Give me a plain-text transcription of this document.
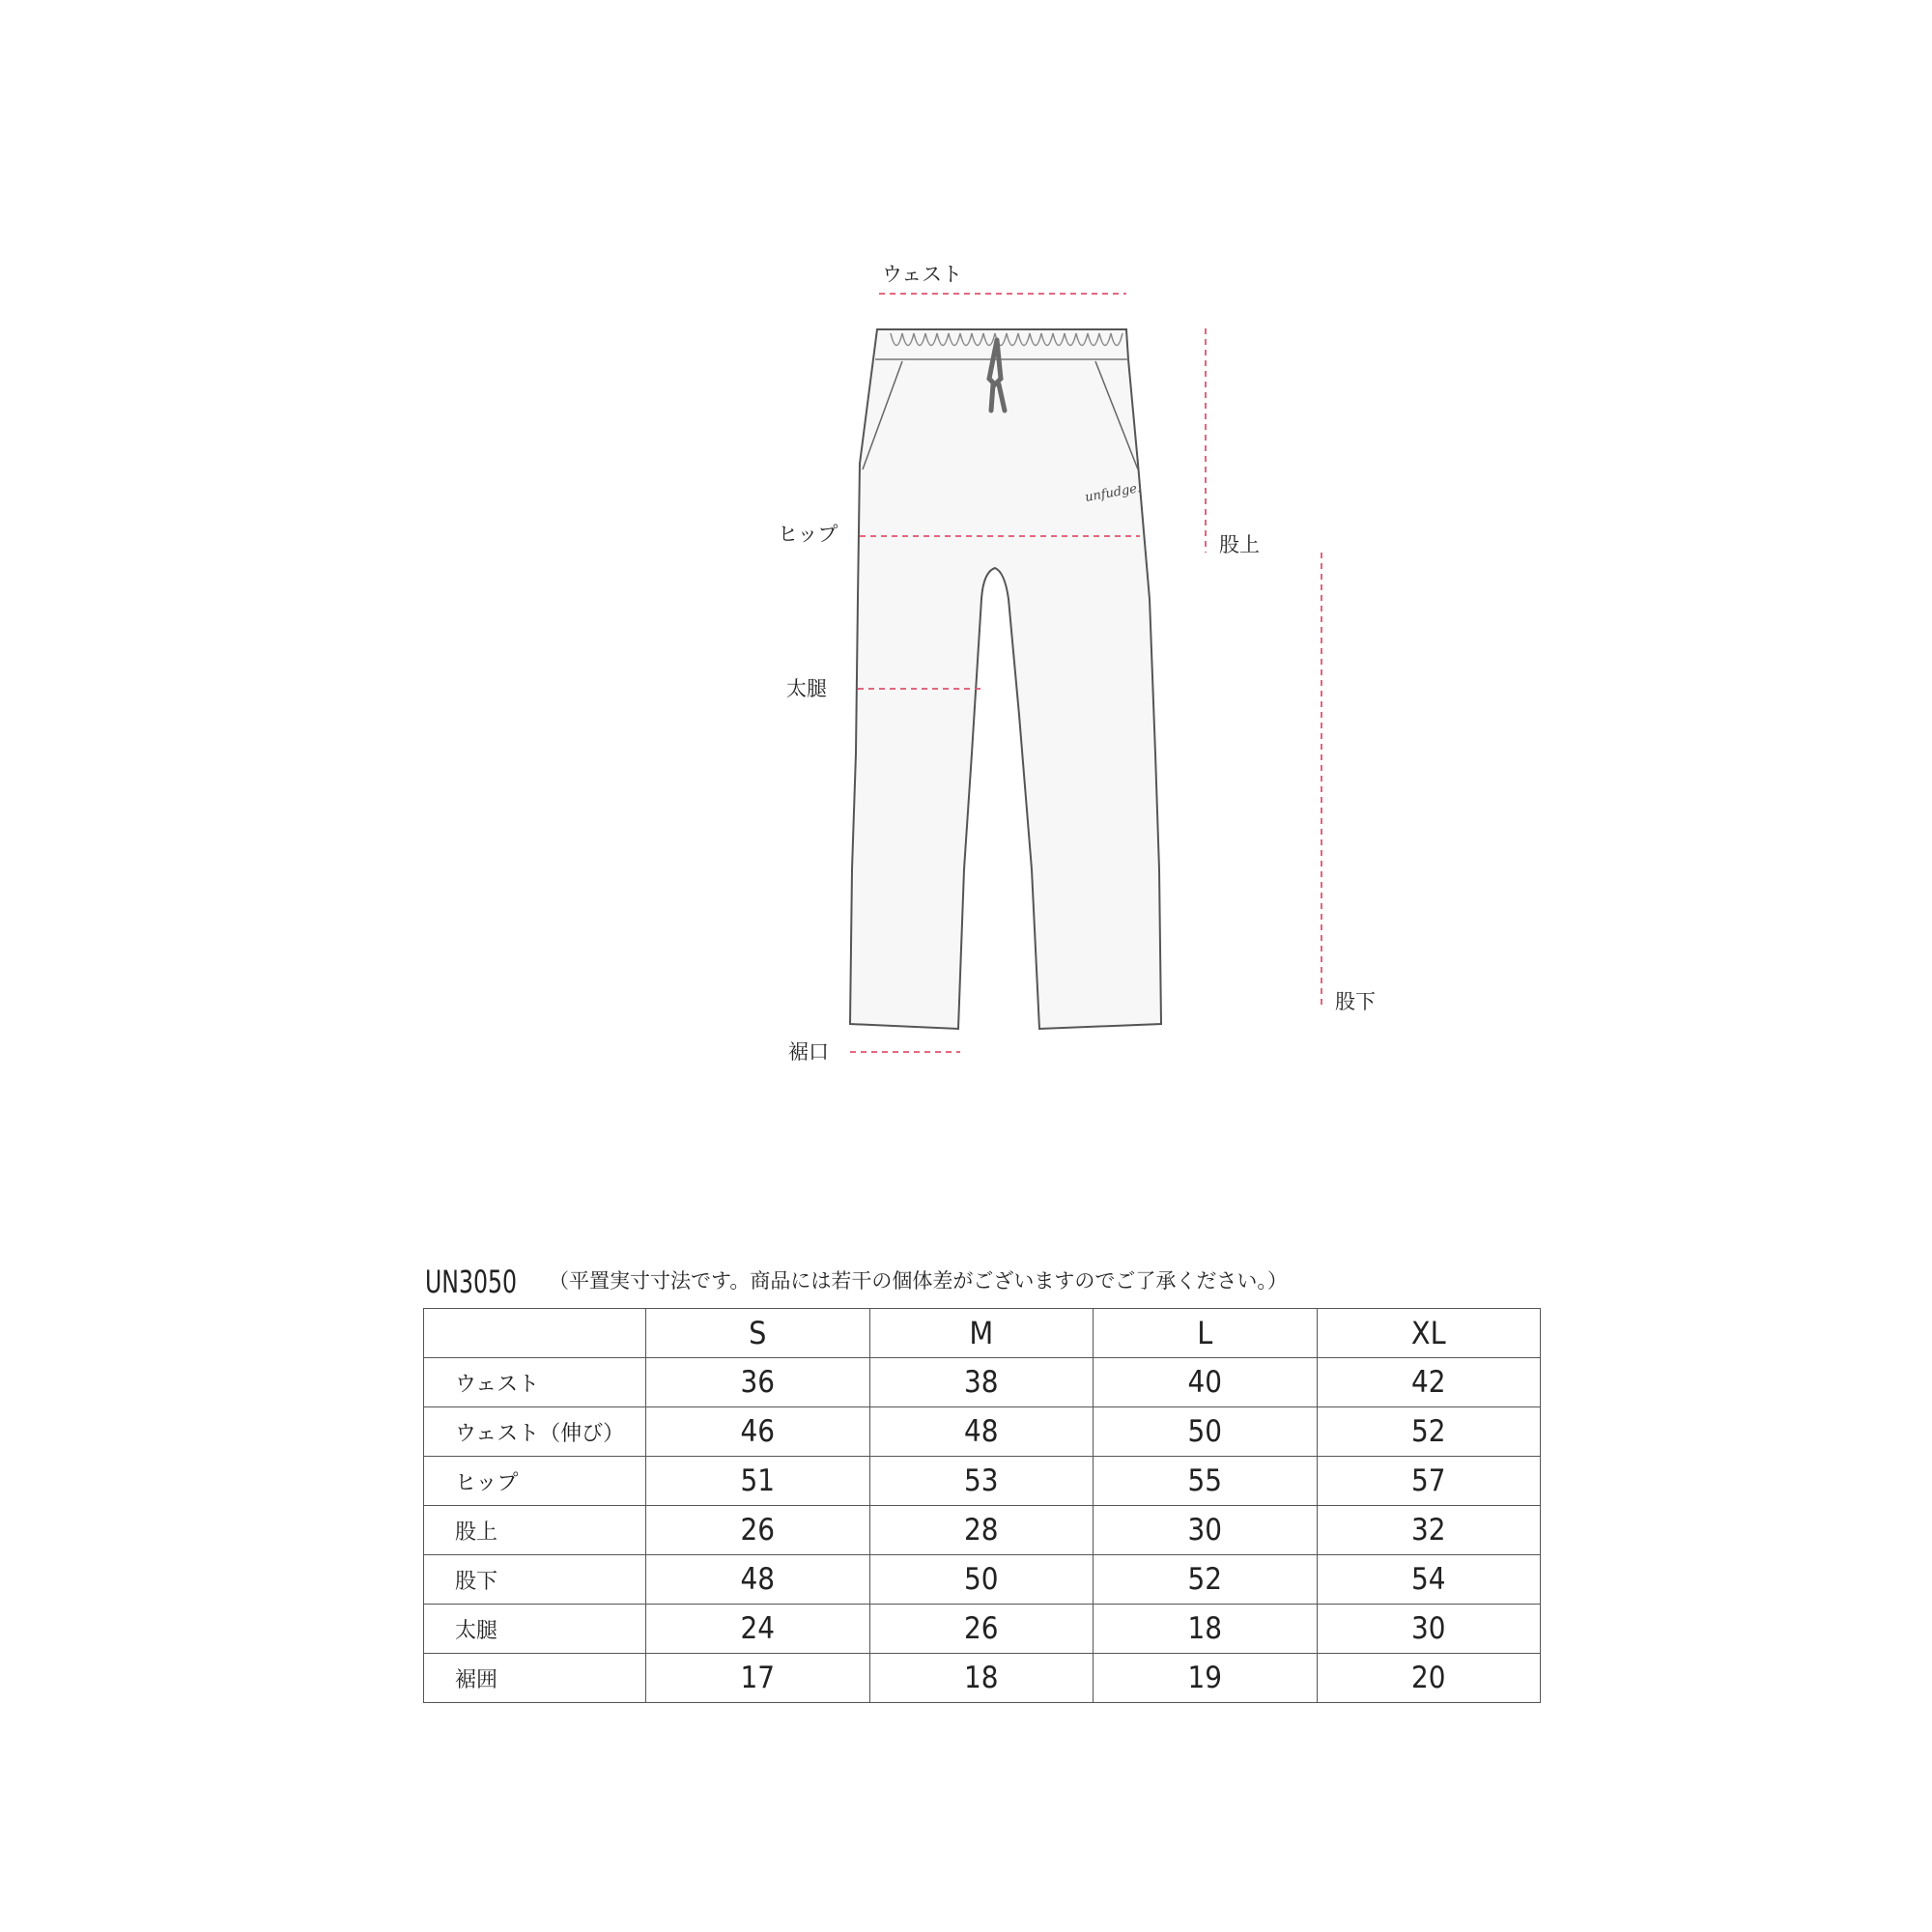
unfudge.
ウェスト
ヒップ
太腿
裾口
股上
股下
UN3050 （平置実寸寸法です。商品には若干の個体差がございますのでご了承ください。）
	S	M	L	XL
ウェスト	36	38	40	42
ウェスト（伸び）	46	48	50	52
ヒップ	51	53	55	57
股上	26	28	30	32
股下	48	50	52	54
太腿	24	26	18	30
裾囲	17	18	19	20
